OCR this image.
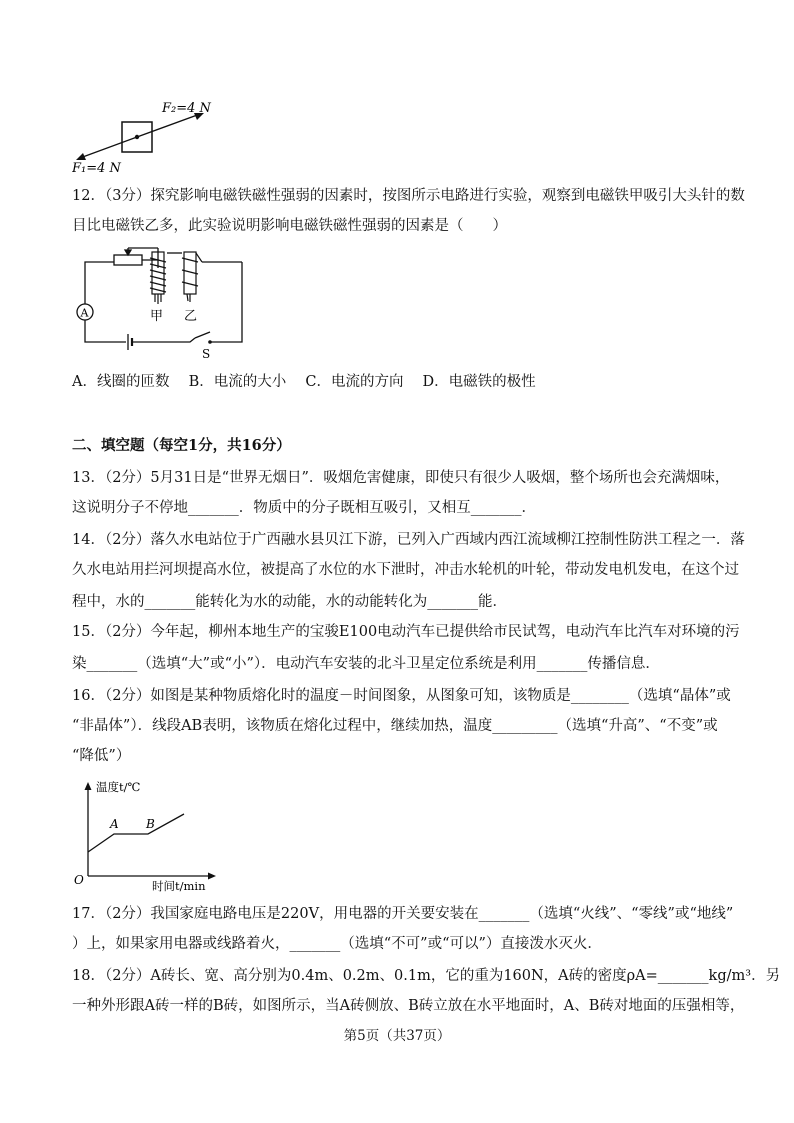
F₂=4 N
F₁=4 N
12．（3分）探究影响电磁铁磁性强弱的因素时，按图所示电路进行实验，观察到电磁铁甲吸引大头针的数
目比电磁铁乙多，此实验说明影响电磁铁磁性强弱的因素是（　　）
A	甲 乙
S
A．线圈的匝数　 B．电流的大小　 C．电流的方向　 D．电磁铁的极性
二、填空题（每空1分，共16分）
13．（2分）5月31日是“世界无烟日”．吸烟危害健康，即使只有很少人吸烟，整个场所也会充满烟味，
这说明分子不停地_______．物质中的分子既相互吸引，又相互_______．
14．（2分）落久水电站位于广西融水县贝江下游，已列入广西域内西江流域柳江控制性防洪工程之一．落
久水电站用拦河坝提高水位，被提高了水位的水下泄时，冲击水轮机的叶轮，带动发电机发电，在这个过
程中，水的_______能转化为水的动能，水的动能转化为_______能．
15．（2分）今年起，柳州本地生产的宝骏E100电动汽车已提供给市民试驾，电动汽车比汽车对环境的污
染_______（选填“大”或“小”）．电动汽车安装的北斗卫星定位系统是利用_______传播信息．
16．（2分）如图是某种物质熔化时的温度－时间图象，从图象可知，该物质是________（选填“晶体”或
“非晶体”）．线段AB表明，该物质在熔化过程中，继续加热，温度_________（选填“升高”、“不变”或
“降低”）
温度t/℃
时间t/min
O
A B
17．（2分）我国家庭电路电压是220V，用电器的开关要安装在_______（选填“火线”、“零线”或“地线”
）上，如果家用电器或线路着火，_______（选填“不可”或“可以”）直接泼水灭火．
18．（2分）A砖长、宽、高分别为0.4m、0.2m、0.1m，它的重为160N，A砖的密度ρA=_______kg/m³．另
一种外形跟A砖一样的B砖，如图所示，当A砖侧放、B砖立放在水平地面时，A、B砖对地面的压强相等，
第5页（共37页）
